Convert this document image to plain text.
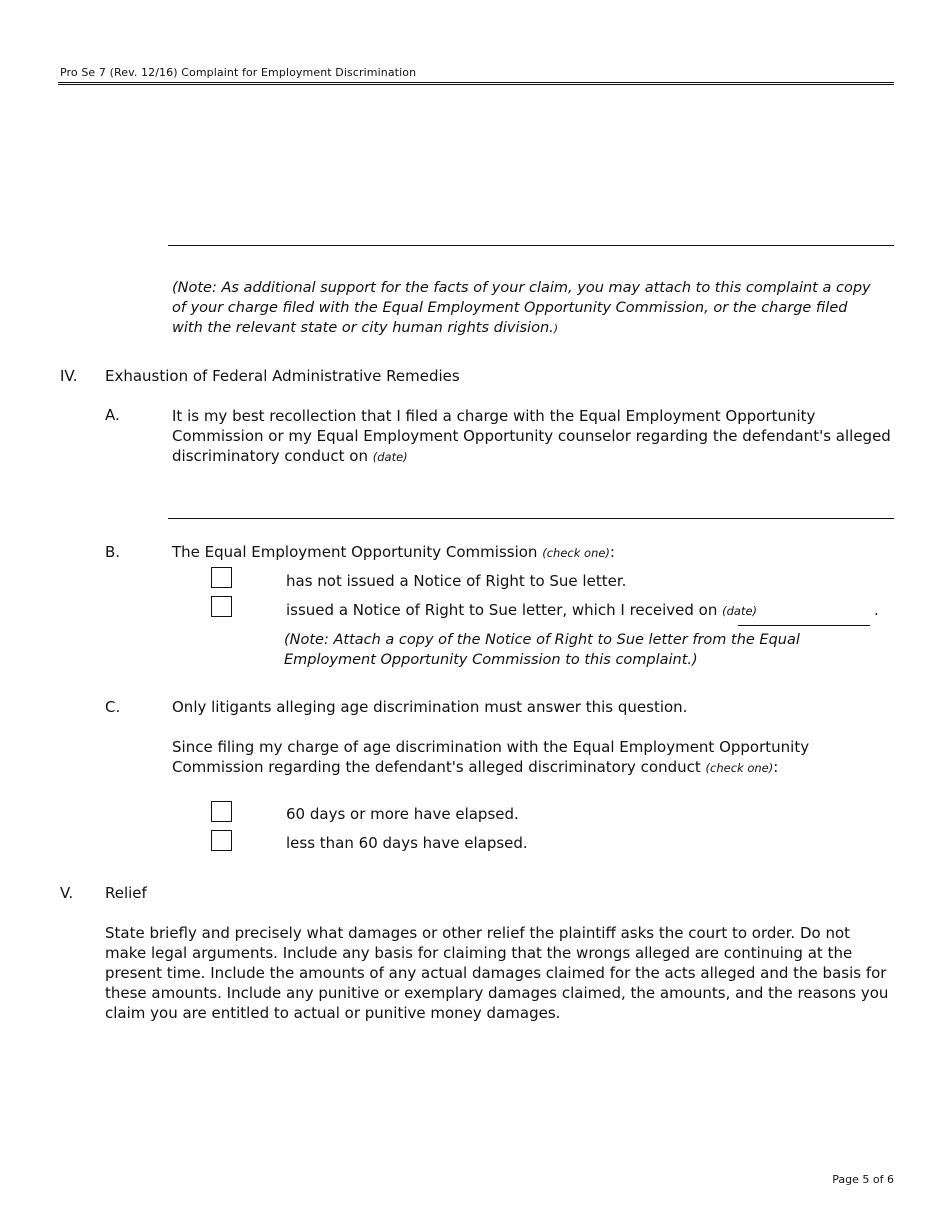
Pro Se 7 (Rev. 12/16) Complaint for Employment Discrimination
(Note: As additional support for the facts of your claim, you may attach to this complaint a copy of your charge filed with the Equal Employment Opportunity Commission, or the charge filed with the relevant state or city human rights division.)
IV. Exhaustion of Federal Administrative Remedies
A.	It is my best recollection that I filed a charge with the Equal Employment Opportunity Commission or my Equal Employment Opportunity counselor regarding the defendant's alleged discriminatory conduct on (date)
B.	The Equal Employment Opportunity Commission (check one):
has not issued a Notice of Right to Sue letter.
issued a Notice of Right to Sue letter, which I received on (date)	.
(Note: Attach a copy of the Notice of Right to Sue letter from the Equal Employment Opportunity Commission to this complaint.)
C.	Only litigants alleging age discrimination must answer this question.
Since filing my charge of age discrimination with the Equal Employment Opportunity Commission regarding the defendant's alleged discriminatory conduct (check one):
60 days or more have elapsed.
less than 60 days have elapsed.
V. Relief
State briefly and precisely what damages or other relief the plaintiff asks the court to order. Do not make legal arguments. Include any basis for claiming that the wrongs alleged are continuing at the present time. Include the amounts of any actual damages claimed for the acts alleged and the basis for these amounts. Include any punitive or exemplary damages claimed, the amounts, and the reasons you claim you are entitled to actual or punitive money damages.
Page 5 of 6
